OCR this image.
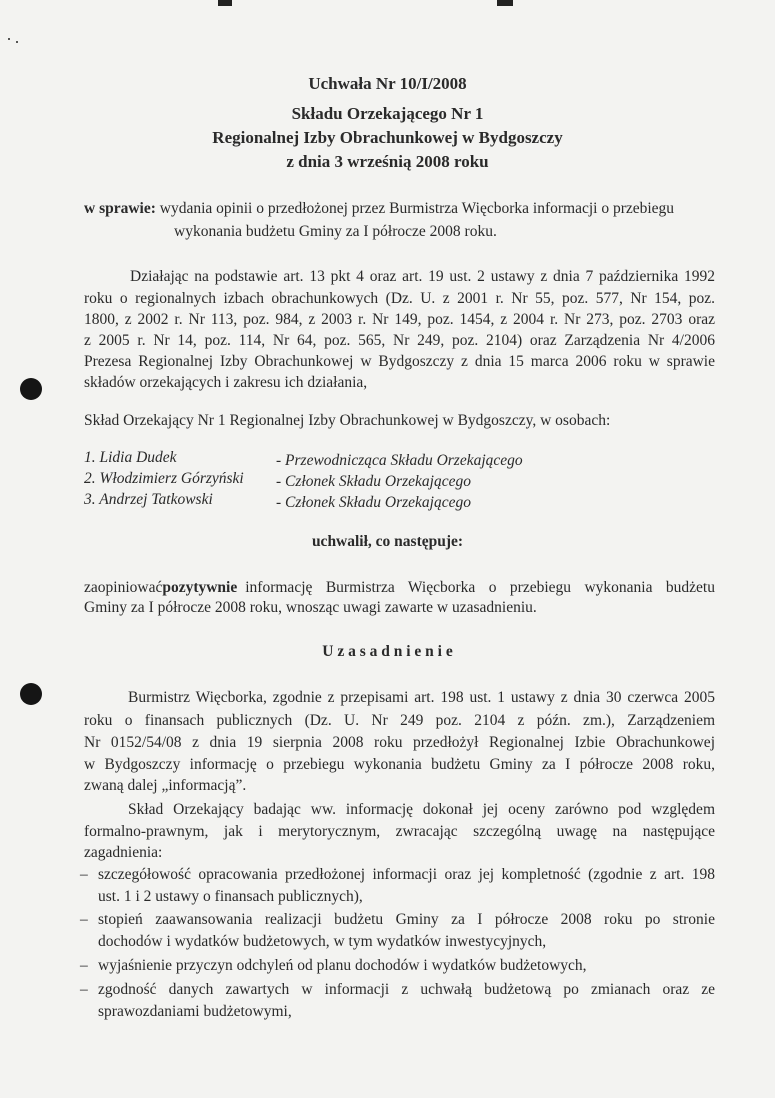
Uchwała Nr 10/I/2008
Składu Orzekającego Nr 1
Regionalnej Izby Obrachunkowej w Bydgoszczy
z dnia 3 wrześnią 2008 roku
w sprawie: wydania opinii o przedłożonej przez Burmistrza Więcborka informacji o przebiegu
wykonania budżetu Gminy za I półrocze 2008 roku.
Działając na podstawie art. 13 pkt 4 oraz art. 19 ust. 2 ustawy z dnia 7 października 1992
roku o regionalnych izbach obrachunkowych (Dz. U. z 2001 r. Nr 55, poz. 577, Nr 154, poz.
1800, z 2002 r. Nr 113, poz. 984, z 2003 r. Nr 149, poz. 1454, z 2004 r. Nr 273, poz. 2703 oraz
z 2005 r. Nr 14, poz. 114, Nr 64, poz. 565, Nr 249, poz. 2104) oraz Zarządzenia Nr 4/2006
Prezesa Regionalnej Izby Obrachunkowej w Bydgoszczy z dnia 15 marca 2006 roku w sprawie
składów orzekających i zakresu ich działania,
Skład Orzekający Nr 1 Regionalnej Izby Obrachunkowej w Bydgoszczy, w osobach:
1. Lidia Dudek	- Przewodnicząca Składu Orzekającego
2. Włodzimierz Górzyński - Członek Składu Orzekającego
3. Andrzej Tatkowski	- Członek Składu Orzekającego
uchwalił, co następuje:
zaopiniować pozytywnie informację Burmistrza Więcborka o przebiegu wykonania budżetu
Gminy za I półrocze 2008 roku, wnosząc uwagi zawarte w uzasadnieniu.
U z a s a d n i e n i e
Burmistrz Więcborka, zgodnie z przepisami art. 198 ust. 1 ustawy z dnia 30 czerwca 2005
roku o finansach publicznych (Dz. U. Nr 249 poz. 2104 z późn. zm.), Zarządzeniem
Nr 0152/54/08 z dnia 19 sierpnia 2008 roku przedłożył Regionalnej Izbie Obrachunkowej
w Bydgoszczy informację o przebiegu wykonania budżetu Gminy za I półrocze 2008 roku,
zwaną dalej „informacją”.
Skład Orzekający badając ww. informację dokonał jej oceny zarówno pod względem
formalno-prawnym, jak i merytorycznym, zwracając szczególną uwagę na następujące
zagadnienia:
– szczegółowość opracowania przedłożonej informacji oraz jej kompletność (zgodnie z art. 198
ust. 1 i 2 ustawy o finansach publicznych),
– stopień zaawansowania realizacji budżetu Gminy za I półrocze 2008 roku po stronie
dochodów i wydatków budżetowych, w tym wydatków inwestycyjnych,
– wyjaśnienie przyczyn odchyleń od planu dochodów i wydatków budżetowych,
– zgodność danych zawartych w informacji z uchwałą budżetową po zmianach oraz ze
sprawozdaniami budżetowymi,
